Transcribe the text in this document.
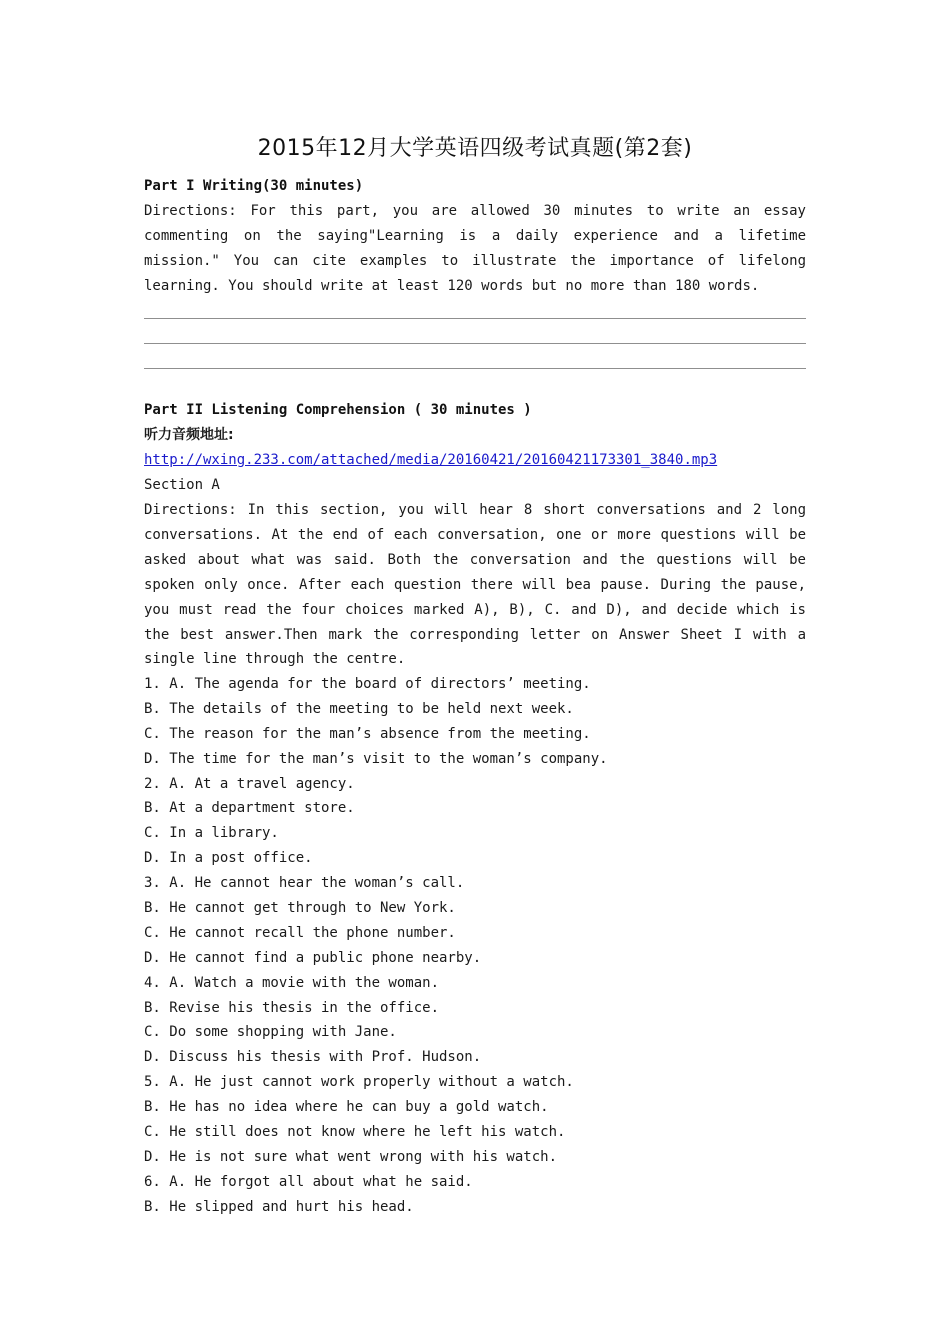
2015年12月大学英语四级考试真题(第2套)
Part I Writing(30 minutes)
Directions: For this part, you are allowed 30 minutes to write an essay commenting on the saying"Learning is a daily experience and a lifetime mission." You can cite examples to illustrate the importance of lifelong learning. You should write at least 120 words but no more than 180 words.
Part II Listening Comprehension ( 30 minutes )
听力音频地址:
http://wxing.233.com/attached/media/20160421/20160421173301_3840.mp3
Section A
Directions: In this section, you will hear 8 short conversations and 2 long conversations. At the end of each conversation, one or more questions will be asked about what was said. Both the conversation and the questions will be spoken only once. After each question there will bea pause. During the pause, you must read the four choices marked A), B), C. and D), and decide which is the best answer.Then mark the corresponding letter on Answer Sheet I with a single line through the centre.
1. A. The agenda for the board of directors’ meeting.
B. The details of the meeting to be held next week.
C. The reason for the man’s absence from the meeting.
D. The time for the man’s visit to the woman’s company.
2. A. At a travel agency.
B. At a department store.
C. In a library.
D. In a post office.
3. A. He cannot hear the woman’s call.
B. He cannot get through to New York.
C. He cannot recall the phone number.
D. He cannot find a public phone nearby.
4. A. Watch a movie with the woman.
B. Revise his thesis in the office.
C. Do some shopping with Jane.
D. Discuss his thesis with Prof. Hudson.
5. A. He just cannot work properly without a watch.
B. He has no idea where he can buy a gold watch.
C. He still does not know where he left his watch.
D. He is not sure what went wrong with his watch.
6. A. He forgot all about what he said.
B. He slipped and hurt his head.
